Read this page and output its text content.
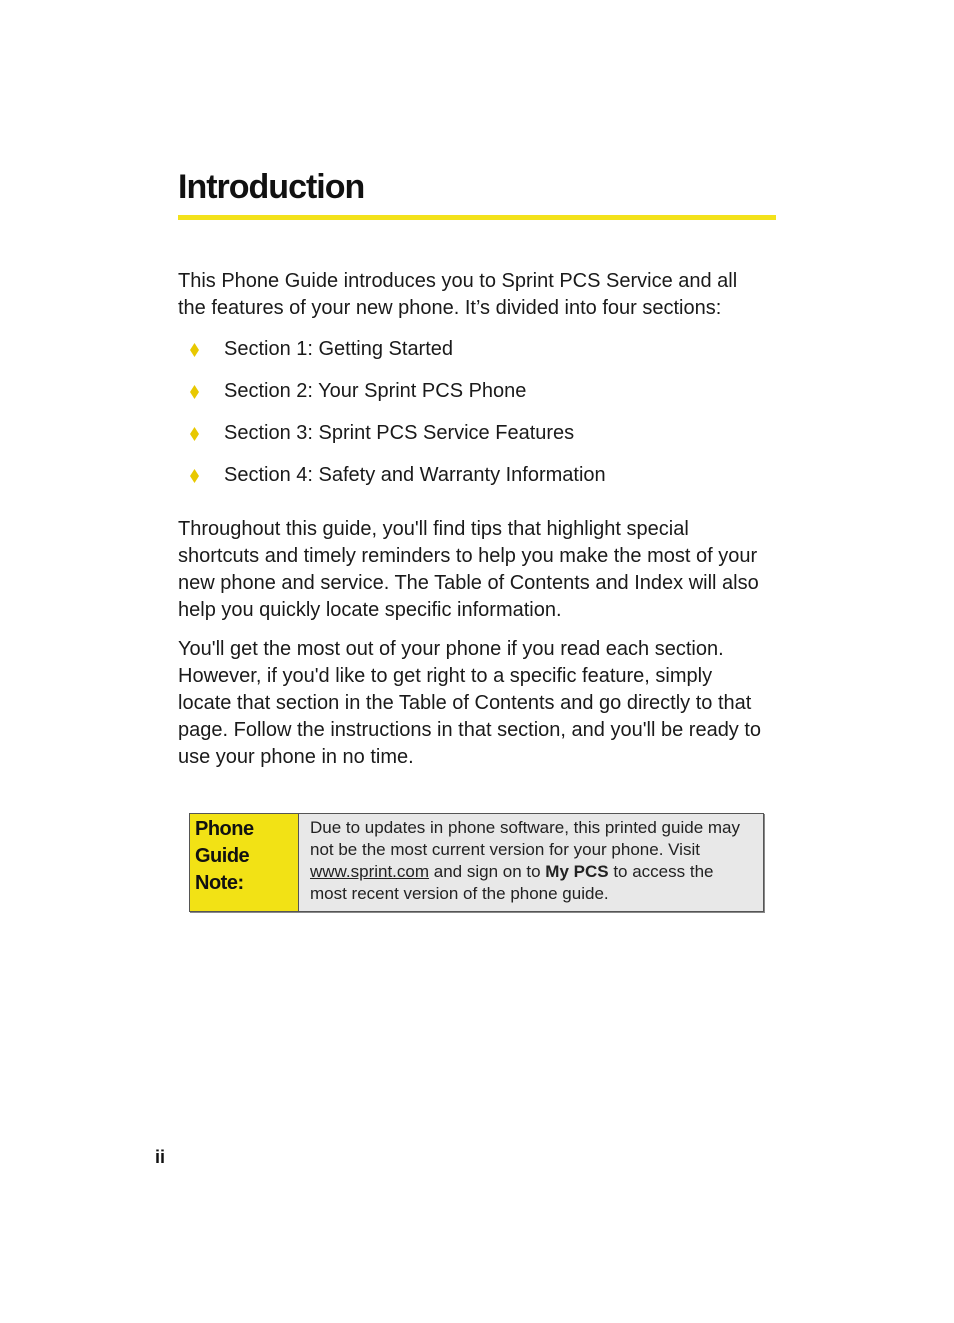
Introduction

This Phone Guide introduces you to Sprint PCS Service and all the features of your new phone. It’s divided into four sections:

Section 1: Getting Started
Section 2: Your Sprint PCS Phone
Section 3: Sprint PCS Service Features
Section 4: Safety and Warranty Information

Throughout this guide, you'll find tips that highlight special shortcuts and timely reminders to help you make the most of your new phone and service. The Table of Contents and Index will also help you quickly locate specific information.

You'll get the most out of your phone if you read each section. However, if you'd like to get right to a specific feature, simply locate that section in the Table of Contents and go directly to that page. Follow the instructions in that section, and you'll be ready to use your phone in no time.

Phone
Guide
Note:
Due to updates in phone software, this printed guide may not be the most current version for your phone. Visit www.sprint.com and sign on to My PCS to access the most recent version of the phone guide.
ii
